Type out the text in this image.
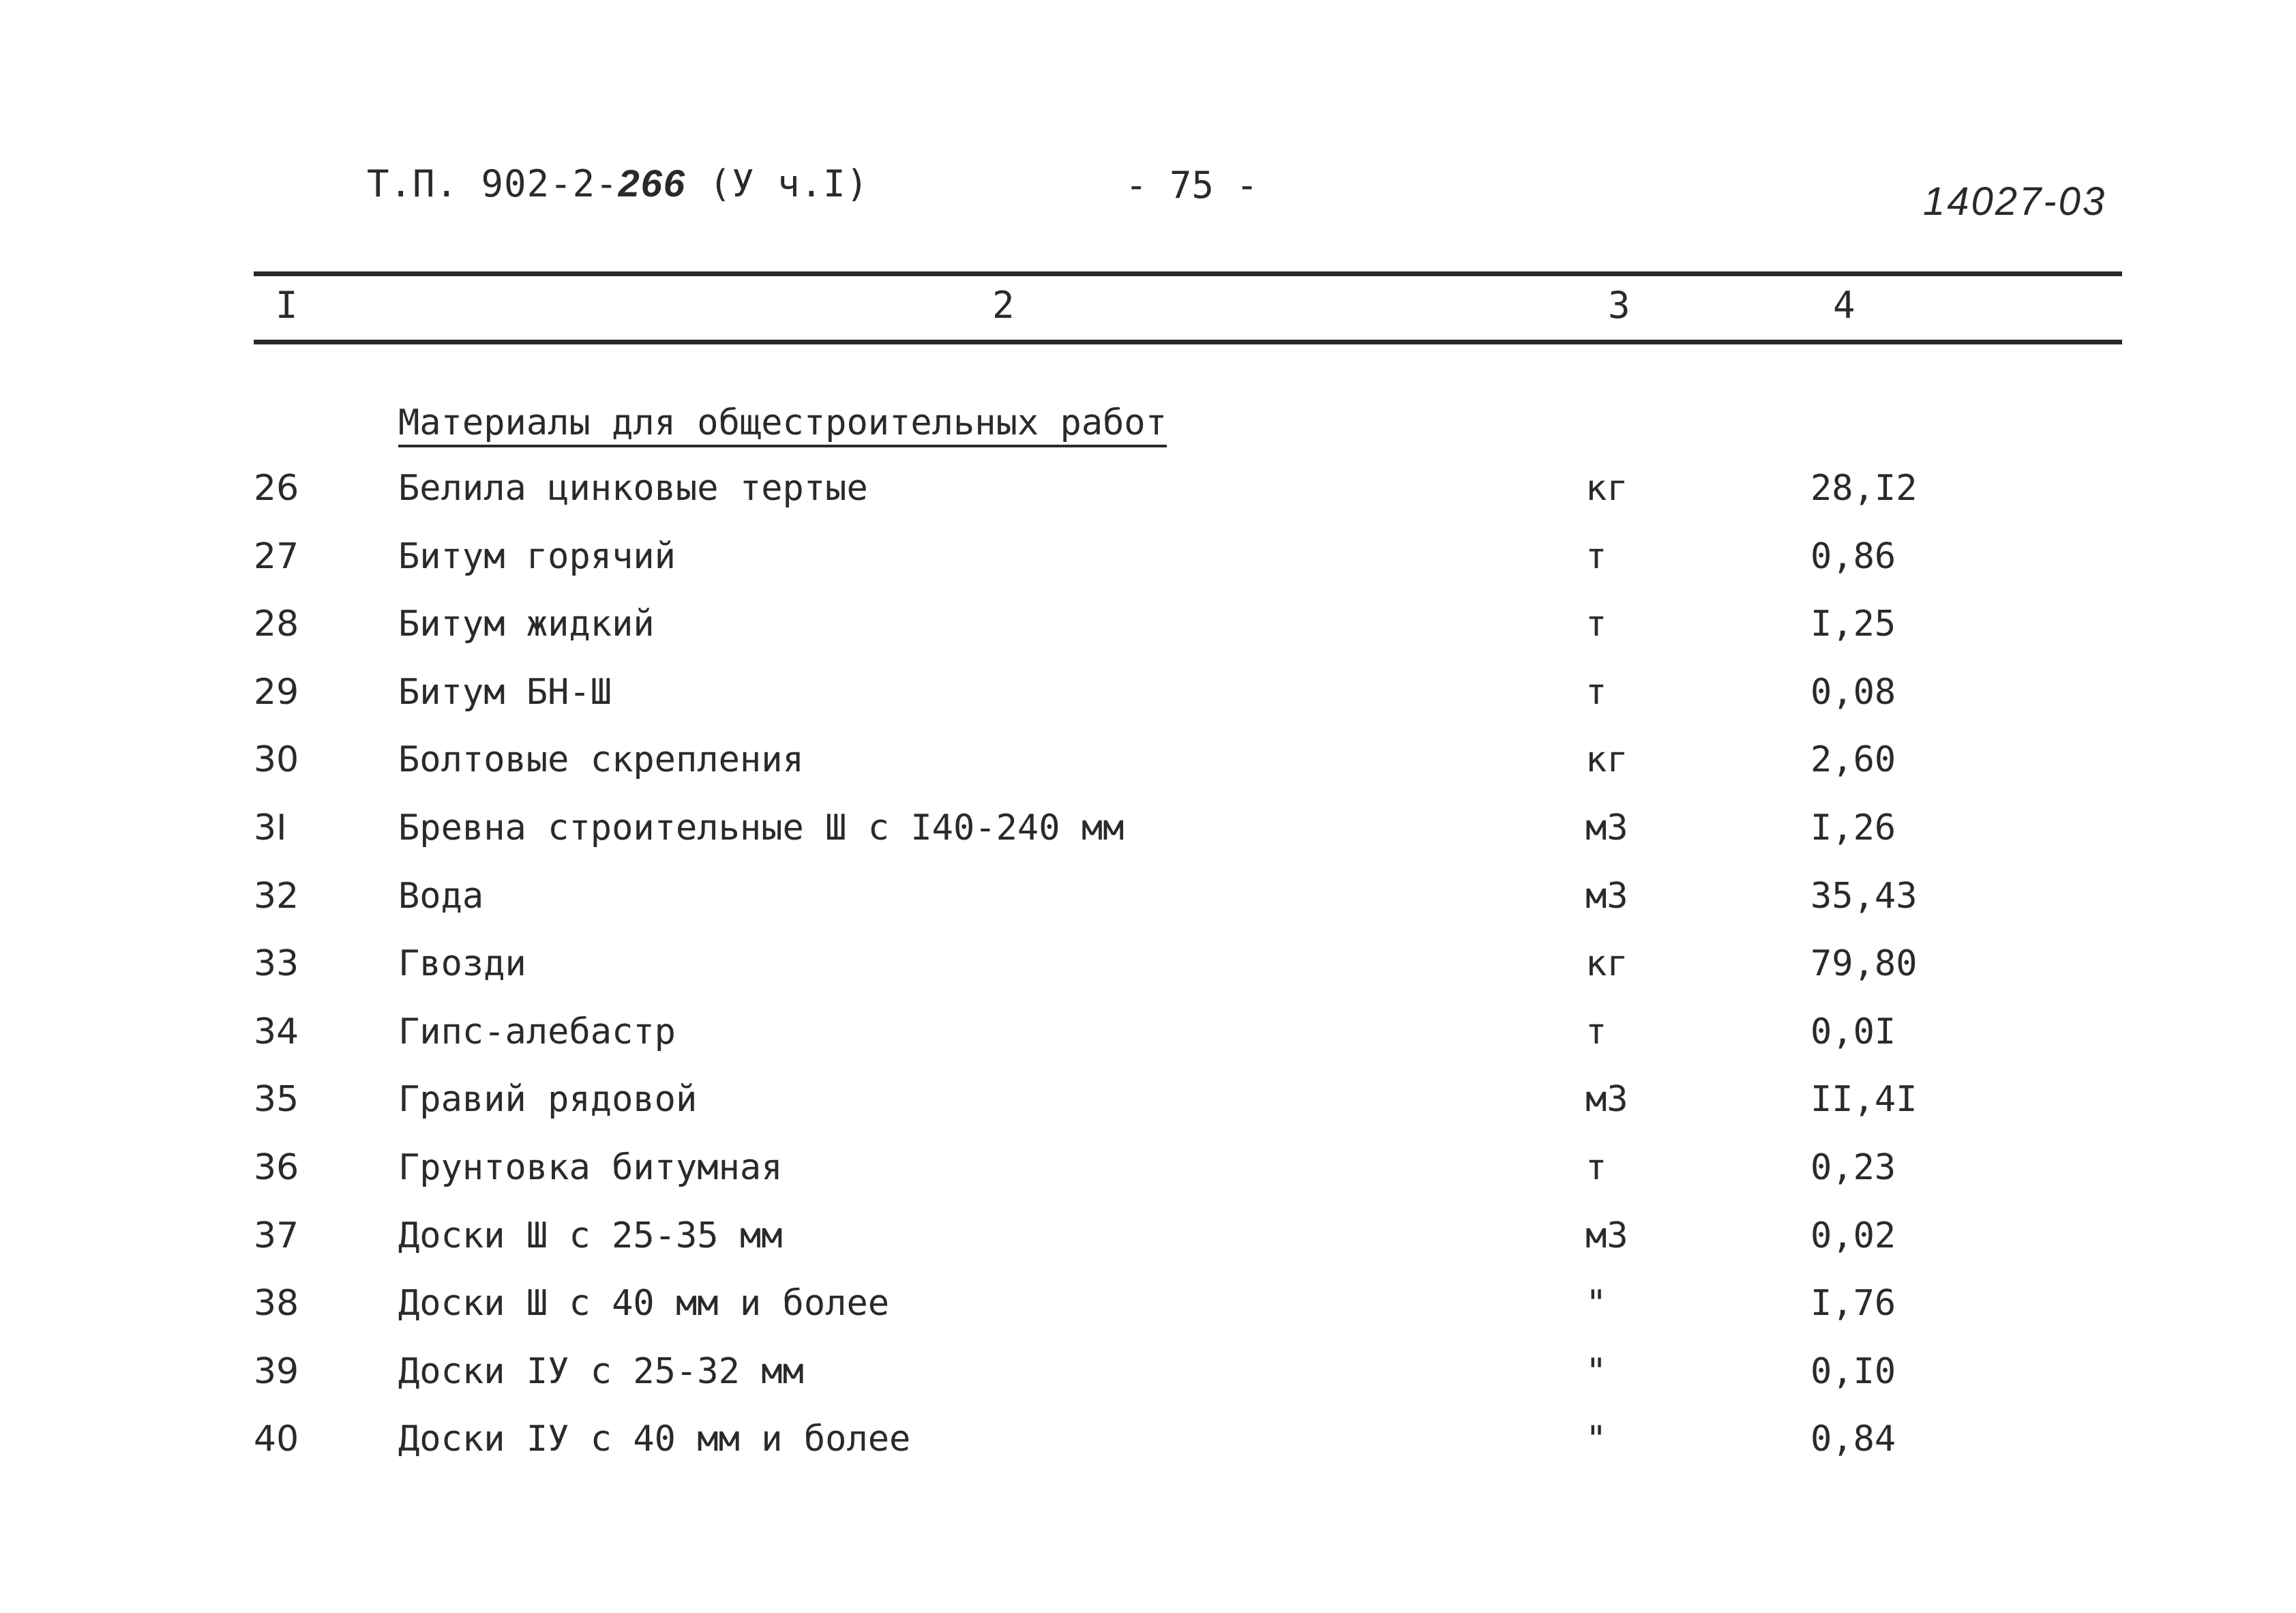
Т.П. 902-2-266 (У ч.I)	- 75 -	14027-03
I	2	3	4
Материалы для общестроительных работ
26	Белила цинковые тертые	кг	28,I2
27	Битум горячий	т	0,86
28	Битум жидкий	т	I,25
29	Битум БН-Ш	т	0,08
30	Болтовые скрепления	кг	2,60
3I	Бревна строительные Ш с I40-240 мм	м3	I,26
32	Вода	м3	35,43
33	Гвозди	кг	79,80
34	Гипс-алебастр	т	0,0I
35	Гравий рядовой	м3	II,4I
36	Грунтовка битумная	т	0,23
37	Доски Ш с 25-35 мм	м3	0,02
38	Доски Ш с 40 мм и более	"	I,76
39	Доски IУ с 25-32 мм	"	0,I0
40	Доски IУ с 40 мм и более	"	0,84
